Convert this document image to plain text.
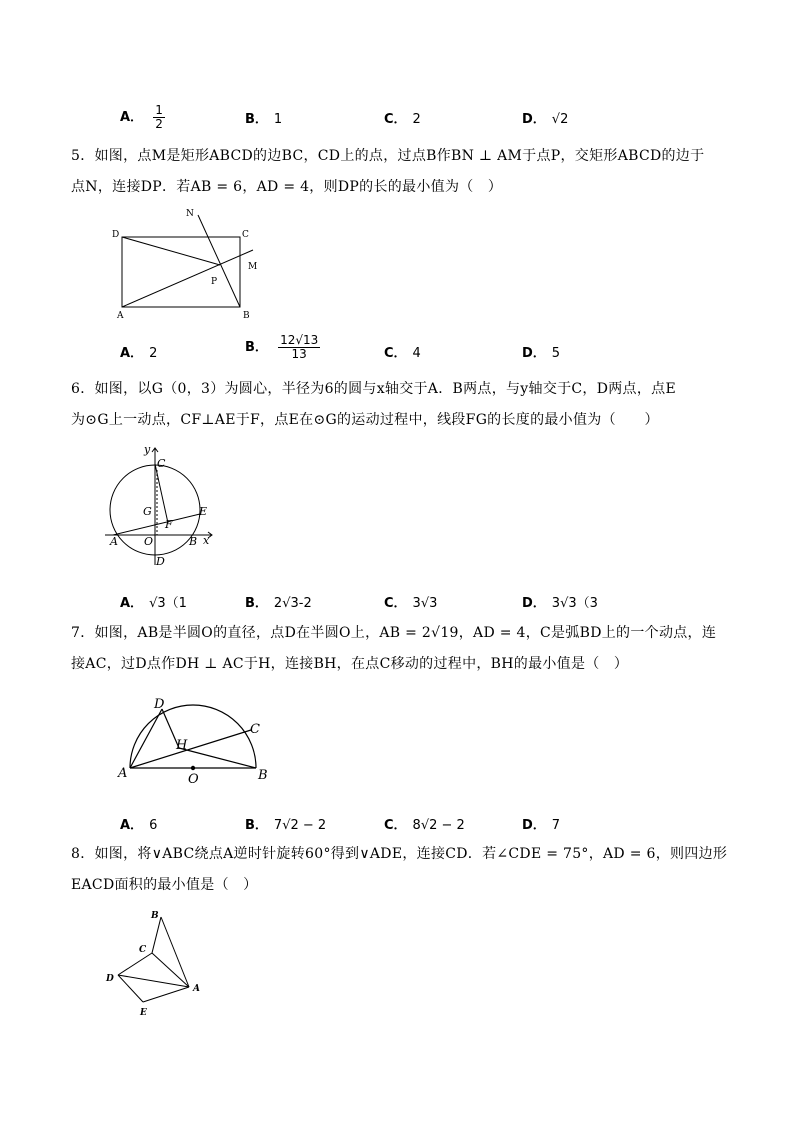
A． $\frac{1}{2}$	B． 1	C． 2	D． √2
5．如图，点M是矩形ABCD的边BC，CD上的点，过点B作BN ⊥ AM于点P，交矩形ABCD的边于
点N，连接DP．若AB = 6，AD = 4，则DP的长的最小值为（　）
D	C
N
M
P
A	B
A． 2	B． $\frac{12√13}{13}$	C． 4	D． 5
6．如图，以G（0，3）为圆心，半径为6的圆与x轴交于A．B两点，与y轴交于C，D两点，点E
为⊙G上一动点，CF⊥AE于F，点E在⊙G的运动过程中，线段FG的长度的最小值为（　　）
y
x
C
G
F
E
A O	B
D
A． √3（1	B． 2√3-2	C． 3√3	D． 3√3（3
7．如图，AB是半圆O的直径，点D在半圆O上，AB = 2√19，AD = 4，C是弧BD上的一个动点，连
接AC，过D点作DH ⊥ AC于H，连接BH，在点C移动的过程中，BH的最小值是（　）
D
C
H
A	O	B
A． 6	B． 7√2 − 2	C． 8√2 − 2	D． 7
8．如图，将∨ABC绕点A逆时针旋转60°得到∨ADE，连接CD．若∠CDE = 75°，AD = 6，则四边形
EACD面积的最小值是（　）
B
C
D
A
E
